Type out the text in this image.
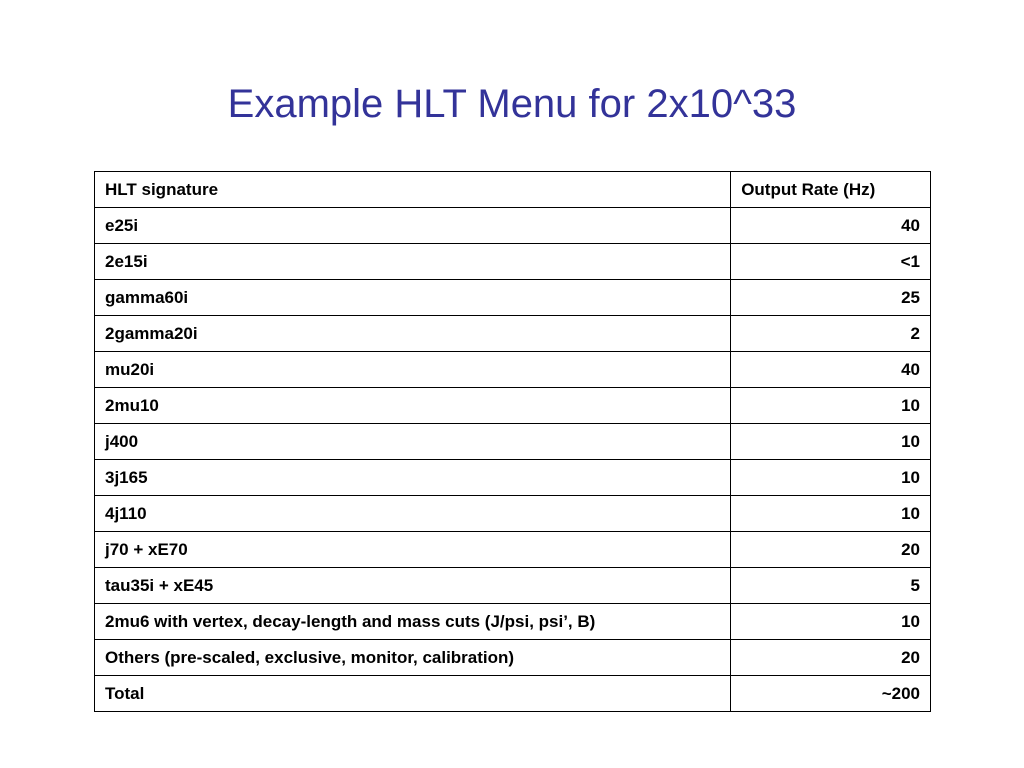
Example HLT Menu for 2x10^33
HLT signature	Output Rate (Hz)
e25i	40
2e15i	<1
gamma60i	25
2gamma20i	2
mu20i	40
2mu10	10
j400	10
3j165	10
4j110	10
j70 + xE70	20
tau35i + xE45	5
2mu6 with vertex, decay-length and mass cuts (J/psi, psi’, B)	10
Others (pre-scaled, exclusive, monitor, calibration)	20
Total	~200
